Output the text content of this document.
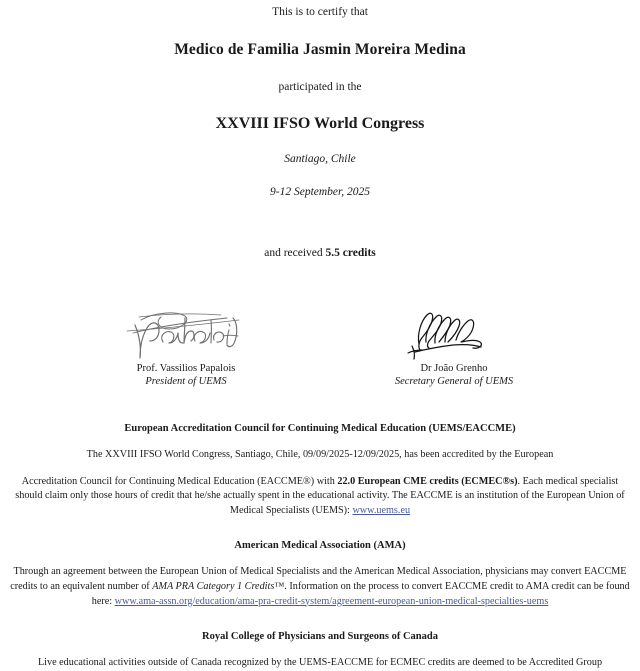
This is to certify that
Medico de Familia Jasmin Moreira Medina
participated in the
XXVIII IFSO World Congress
Santiago, Chile
9-12 September, 2025
and received 5.5 credits
Prof. Vassilios Papalois
President of UEMS
Dr João Grenho
Secretary General of UEMS
European Accreditation Council for Continuing Medical Education (UEMS/EACCME)
The XXVIII IFSO World Congress, Santiago, Chile, 09/09/2025-12/09/2025, has been accredited by the European
Accreditation Council for Continuing Medical Education (EACCME®) with 22.0 European CME credits (ECMEC®s). Each medical specialist should claim only those hours of credit that he/she actually spent in the educational activity. The EACCME is an institution of the European Union of Medical Specialists (UEMS): www.uems.eu
American Medical Association (AMA)
Through an agreement between the European Union of Medical Specialists and the American Medical Association, physicians may convert EACCME credits to an equivalent number of AMA PRA Category 1 Credits™. Information on the process to convert EACCME credit to AMA credit can be found here: www.ama-assn.org/education/ama-pra-credit-system/agreement-european-union-medical-specialties-uems
Royal College of Physicians and Surgeons of Canada
Live educational activities outside of Canada recognized by the UEMS-EACCME for ECMEC credits are deemed to be Accredited Group
